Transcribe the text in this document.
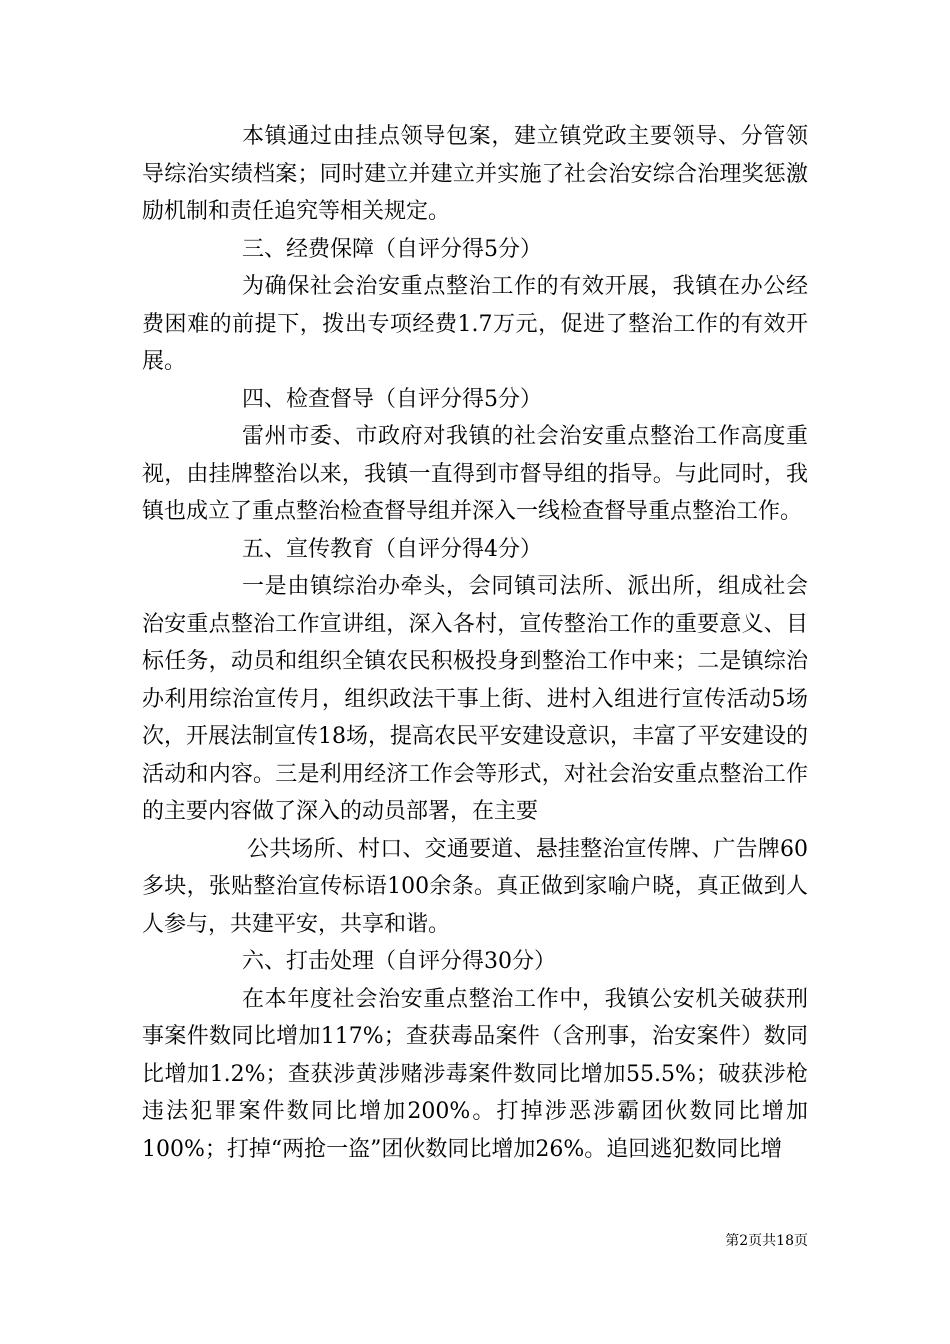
本镇通过由挂点领导包案，建立镇党政主要领导、分管领导综治实绩档案；同时建立并建立并实施了社会治安综合治理奖惩激励机制和责任追究等相关规定。

三、经费保障（自评分得5分）

为确保社会治安重点整治工作的有效开展，我镇在办公经费困难的前提下，拨出专项经费1.7万元，促进了整治工作的有效开展。

四、检查督导（自评分得5分）

雷州市委、市政府对我镇的社会治安重点整治工作高度重视，由挂牌整治以来，我镇一直得到市督导组的指导。与此同时，我镇也成立了重点整治检查督导组并深入一线检查督导重点整治工作。

五、宣传教育（自评分得4分）

一是由镇综治办牵头，会同镇司法所、派出所，组成社会治安重点整治工作宣讲组，深入各村，宣传整治工作的重要意义、目标任务，动员和组织全镇农民积极投身到整治工作中来；二是镇综治办利用综治宣传月，组织政法干事上街、进村入组进行宣传活动5场次，开展法制宣传18场，提高农民平安建设意识，丰富了平安建设的活动和内容。三是利用经济工作会等形式，对社会治安重点整治工作的主要内容做了深入的动员部署，在主要

公共场所、村口、交通要道、悬挂整治宣传牌、广告牌60多块，张贴整治宣传标语100余条。真正做到家喻户晓，真正做到人人参与，共建平安，共享和谐。

六、打击处理（自评分得30分）

在本年度社会治安重点整治工作中，我镇公安机关破获刑事案件数同比增加117%；查获毒品案件（含刑事，治安案件）数同比增加1.2%；查获涉黄涉赌涉毒案件数同比增加55.5%；破获涉枪违法犯罪案件数同比增加200%。打掉涉恶涉霸团伙数同比增加100%；打掉“两抢一盗”团伙数同比增加26%。追回逃犯数同比增

第2页共18页
